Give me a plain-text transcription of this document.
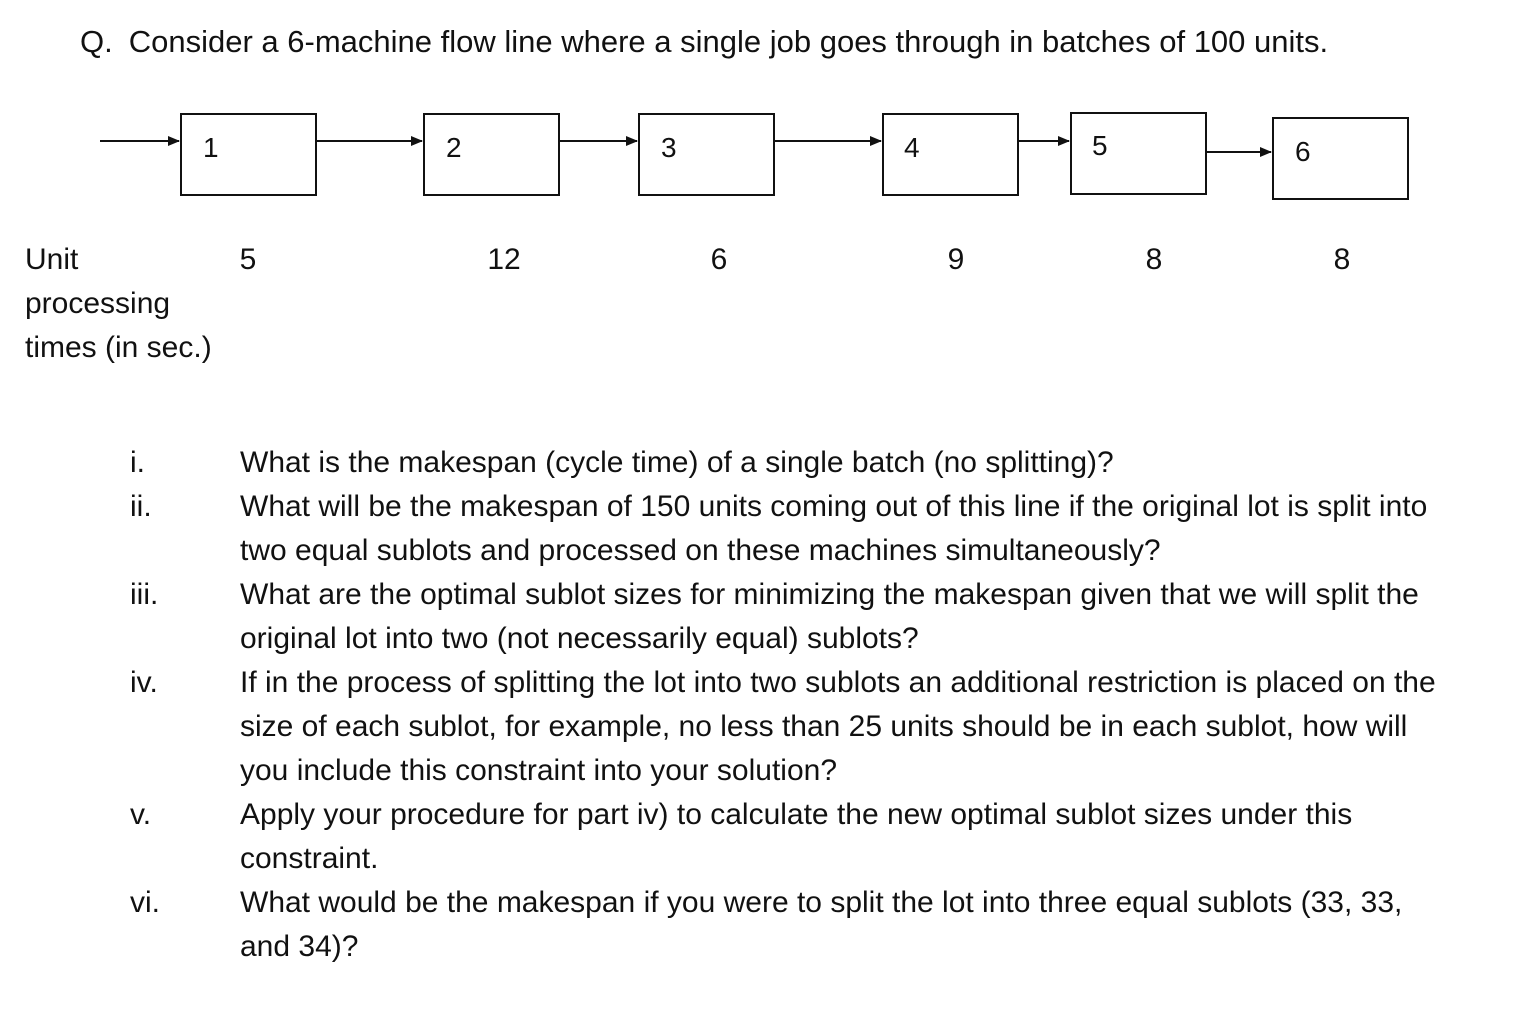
Q. Consider a 6-machine flow line where a single job goes through in batches of 100 units.
1	2	3	4	5	6
Unit
processing
times (in sec.)
5	12	6	9	8	8
i.	What is the makespan (cycle time) of a single batch (no splitting)?
ii.	What will be the makespan of 150 units coming out of this line if the original lot is split into two equal sublots and processed on these machines simultaneously?
iii.	What are the optimal sublot sizes for minimizing the makespan given that we will split the original lot into two (not necessarily equal) sublots?
iv.	If in the process of splitting the lot into two sublots an additional restriction is placed on the size of each sublot, for example, no less than 25 units should be in each sublot, how will you include this constraint into your solution?
v.	Apply your procedure for part iv) to calculate the new optimal sublot sizes under this constraint.
vi.	What would be the makespan if you were to split the lot into three equal sublots (33, 33, and 34)?
